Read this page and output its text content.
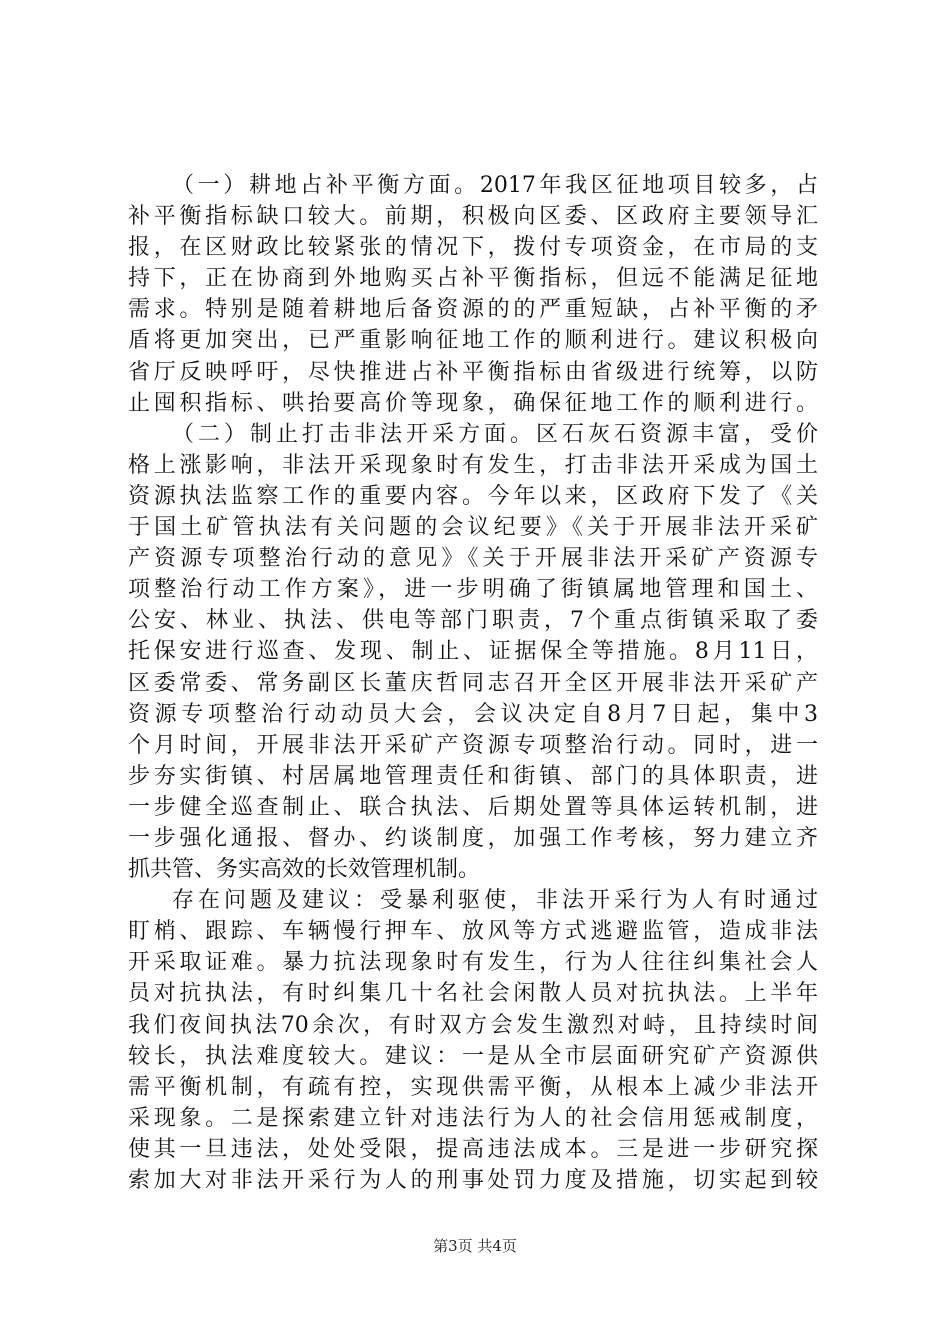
（一）耕地占补平衡方面。2017年我区征地项目较多，占
补平衡指标缺口较大。前期，积极向区委、区政府主要领导汇
报，在区财政比较紧张的情况下，拨付专项资金，在市局的支
持下，正在协商到外地购买占补平衡指标，但远不能满足征地
需求。特别是随着耕地后备资源的的严重短缺，占补平衡的矛
盾将更加突出，已严重影响征地工作的顺利进行。建议积极向
省厅反映呼吁，尽快推进占补平衡指标由省级进行统筹，以防
止囤积指标、哄抬要高价等现象，确保征地工作的顺利进行。
（二）制止打击非法开采方面。区石灰石资源丰富，受价
格上涨影响，非法开采现象时有发生，打击非法开采成为国土
资源执法监察工作的重要内容。今年以来，区政府下发了《关
于国土矿管执法有关问题的会议纪要》《关于开展非法开采矿
产资源专项整治行动的意见》《关于开展非法开采矿产资源专
项整治行动工作方案》，进一步明确了街镇属地管理和国土、
公安、林业、执法、供电等部门职责，7个重点街镇采取了委
托保安进行巡查、发现、制止、证据保全等措施。8月11日，
区委常委、常务副区长董庆哲同志召开全区开展非法开采矿产
资源专项整治行动动员大会，会议决定自8月7日起，集中3
个月时间，开展非法开采矿产资源专项整治行动。同时，进一
步夯实街镇、村居属地管理责任和街镇、部门的具体职责，进
一步健全巡查制止、联合执法、后期处置等具体运转机制，进
一步强化通报、督办、约谈制度，加强工作考核，努力建立齐
抓共管、务实高效的长效管理机制。
存在问题及建议：受暴利驱使，非法开采行为人有时通过
盯梢、跟踪、车辆慢行押车、放风等方式逃避监管，造成非法
开采取证难。暴力抗法现象时有发生，行为人往往纠集社会人
员对抗执法，有时纠集几十名社会闲散人员对抗执法。上半年
我们夜间执法70余次，有时双方会发生激烈对峙，且持续时间
较长，执法难度较大。建议：一是从全市层面研究矿产资源供
需平衡机制，有疏有控，实现供需平衡，从根本上减少非法开
采现象。二是探索建立针对违法行为人的社会信用惩戒制度，
使其一旦违法，处处受限，提高违法成本。三是进一步研究探
索加大对非法开采行为人的刑事处罚力度及措施，切实起到较
第3页 共4页
